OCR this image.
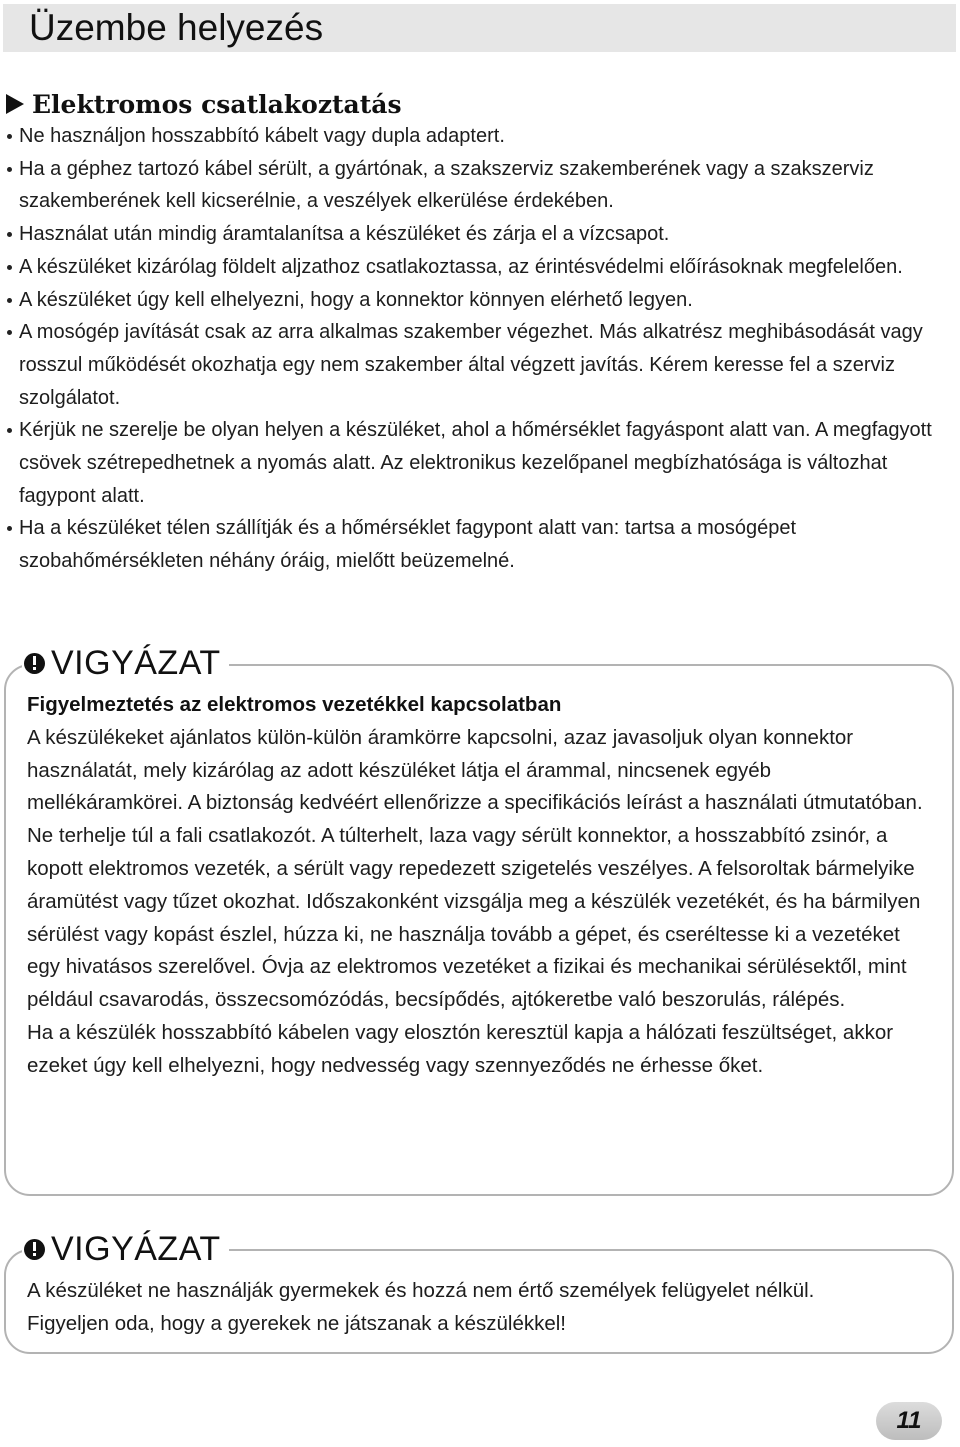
Üzembe helyezés
Elektromos csatlakoztatás
Ne használjon hosszabbító kábelt vagy dupla adaptert.
Ha a géphez tartozó kábel sérült, a gyártónak, a szakszerviz szakemberének vagy a szakszerviz szakemberének kell kicserélnie, a veszélyek elkerülése érdekében.
Használat után mindig áramtalanítsa a készüléket és zárja el a vízcsapot.
A készüléket kizárólag földelt aljzathoz csatlakoztassa, az érintésvédelmi előírásoknak megfelelően.
A készüléket úgy kell elhelyezni, hogy a konnektor könnyen elérhető legyen.
A mosógép javítását csak az arra alkalmas szakember végezhet. Más alkatrész meghibásodását vagy rosszul működését okozhatja egy nem szakember által végzett javítás. Kérem keresse fel a szerviz szolgálatot.
Kérjük ne szerelje be olyan helyen a készüléket, ahol a hőmérséklet fagyáspont alatt van. A megfagyott csövek szétrepedhetnek a nyomás alatt. Az elektronikus kezelőpanel megbízhatósága is változhat fagypont alatt.
Ha a készüléket télen szállítják és a hőmérséklet fagypont alatt van: tartsa a mosógépet szobahőmérsékleten néhány óráig, mielőtt beüzemelné.
VIGYÁZAT

Figyelmeztetés az elektromos vezetékkel kapcsolatban

A készülékeket ajánlatos külön-külön áramkörre kapcsolni, azaz javasoljuk olyan konnektor használatát, mely kizárólag az adott készüléket látja el árammal, nincsenek egyéb mellékáramkörei. A biztonság kedvéért ellenőrizze a specifikációs leírást a használati útmutatóban.

Ne terhelje túl a fali csatlakozót. A túlterhelt, laza vagy sérült konnektor, a hosszabbító zsinór, a kopott elektromos vezeték, a sérült vagy repedezett szigetelés veszélyes. A felsoroltak bármelyike áramütést vagy tűzet okozhat. Időszakonként vizsgálja meg a készülék vezetékét, és ha bármilyen sérülést vagy kopást észlel, húzza ki, ne használja tovább a gépet, és cseréltesse ki a vezetéket egy hivatásos szerelővel. Óvja az elektromos vezetéket a fizikai és mechanikai sérülésektől, mint például csavarodás, összecsomózódás, becsípődés, ajtókeretbe való beszorulás, rálépés.

Ha a készülék hosszabbító kábelen vagy elosztón keresztül kapja a hálózati feszültséget, akkor ezeket úgy kell elhelyezni, hogy nedvesség vagy szennyeződés ne érhesse őket.

VIGYÁZAT

A készüléket ne használják gyermekek és hozzá nem értő személyek felügyelet nélkül.

Figyeljen oda, hogy a gyerekek ne játszanak a készülékkel!

11
